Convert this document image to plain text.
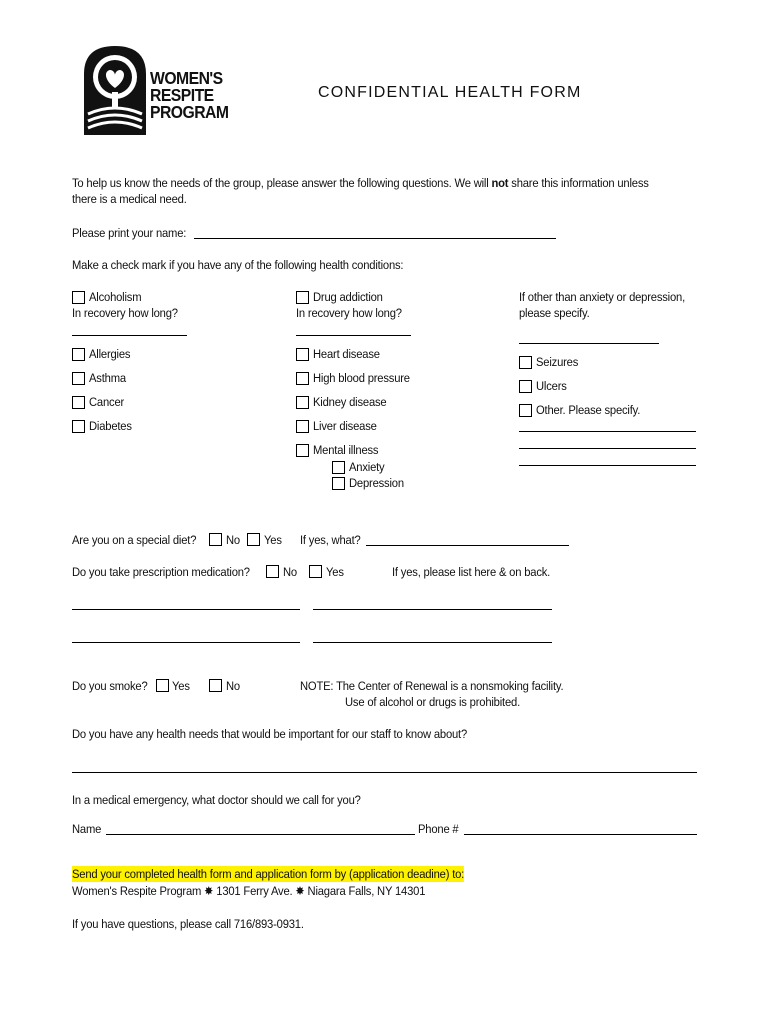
WOMEN'S
RESPITE
PROGRAM
CONFIDENTIAL HEALTH FORM
To help us know the needs of the group, please answer the following questions. We will not share this information unless
there is a medical need.
Please print your name:
Make a check mark if you have any of the following health conditions:
Alcoholism
In recovery how long?
Allergies
Asthma
Cancer
Diabetes
Drug addiction
In recovery how long?
Heart disease
High blood pressure
Kidney disease
Liver disease
Mental illness
Anxiety
Depression
If other than anxiety or depression,
please specify.
Seizures
Ulcers
Other. Please specify.
Are you on a special diet? No Yes If yes, what?
Do you take prescription medication?	No Yes	If yes, please list here & on back.
Do you smoke? Yes	No	NOTE: The Center of Renewal is a nonsmoking facility.
Use of alcohol or drugs is prohibited.
Do you have any health needs that would be important for our staff to know about?
In a medical emergency, what doctor should we call for you?
Name	Phone #
Send your completed health form and application form by (application deadine) to:
Women's Respite Program ✸ 1301 Ferry Ave. ✸ Niagara Falls, NY 14301
If you have questions, please call 716/893-0931.
